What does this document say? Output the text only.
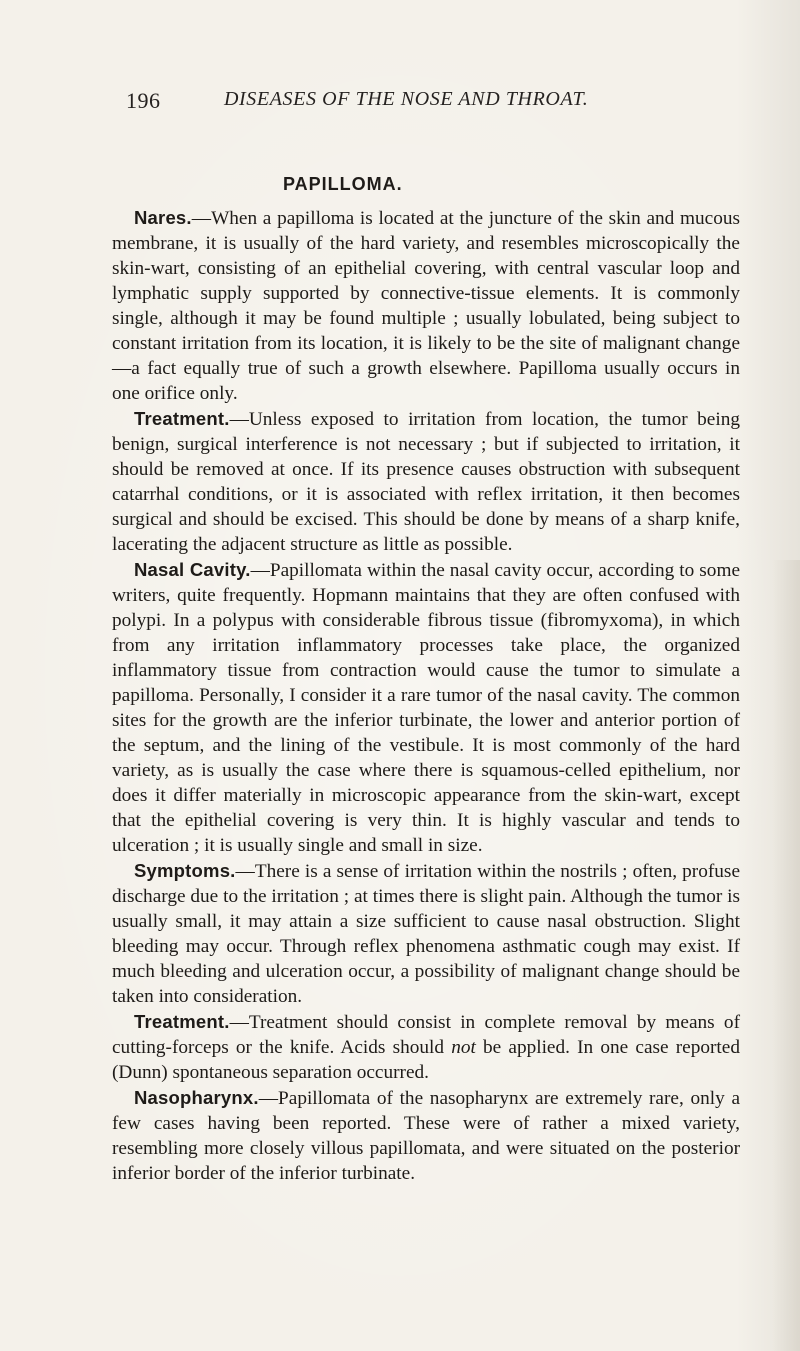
196	DISEASES OF THE NOSE AND THROAT.
PAPILLOMA.

Nares.—When a papilloma is located at the juncture of the skin and mucous membrane, it is usually of the hard variety, and resembles microscopically the skin-wart, consisting of an epithelial covering, with central vascular loop and lymphatic supply supported by connective-tissue elements. It is commonly single, although it may be found multiple ; usually lobulated, being subject to constant irritation from its location, it is likely to be the site of malignant change—a fact equally true of such a growth elsewhere. Papilloma usually occurs in one orifice only.

Treatment.—Unless exposed to irritation from location, the tumor being benign, surgical interference is not necessary ; but if subjected to irritation, it should be removed at once. If its presence causes obstruction with subsequent catarrhal conditions, or it is associated with reflex irritation, it then becomes surgical and should be excised. This should be done by means of a sharp knife, lacerating the adjacent structure as little as possible.

Nasal Cavity.—Papillomata within the nasal cavity occur, according to some writers, quite frequently. Hopmann maintains that they are often confused with polypi. In a polypus with considerable fibrous tissue (fibromyxoma), in which from any irritation inflammatory processes take place, the organized inflammatory tissue from contraction would cause the tumor to simulate a papilloma. Personally, I consider it a rare tumor of the nasal cavity. The common sites for the growth are the inferior turbinate, the lower and anterior portion of the septum, and the lining of the vestibule. It is most commonly of the hard variety, as is usually the case where there is squamous-celled epithelium, nor does it differ materially in microscopic appearance from the skin-wart, except that the epithelial covering is very thin. It is highly vascular and tends to ulceration ; it is usually single and small in size.

Symptoms.—There is a sense of irritation within the nostrils ; often, profuse discharge due to the irritation ; at times there is slight pain. Although the tumor is usually small, it may attain a size sufficient to cause nasal obstruction. Slight bleeding may occur. Through reflex phenomena asthmatic cough may exist. If much bleeding and ulceration occur, a possibility of malignant change should be taken into consideration.

Treatment.—Treatment should consist in complete removal by means of cutting-forceps or the knife. Acids should not be applied. In one case reported (Dunn) spontaneous separation occurred.

Nasopharynx.—Papillomata of the nasopharynx are extremely rare, only a few cases having been reported. These were of rather a mixed variety, resembling more closely villous papillomata, and were situated on the posterior inferior border of the inferior turbinate.
